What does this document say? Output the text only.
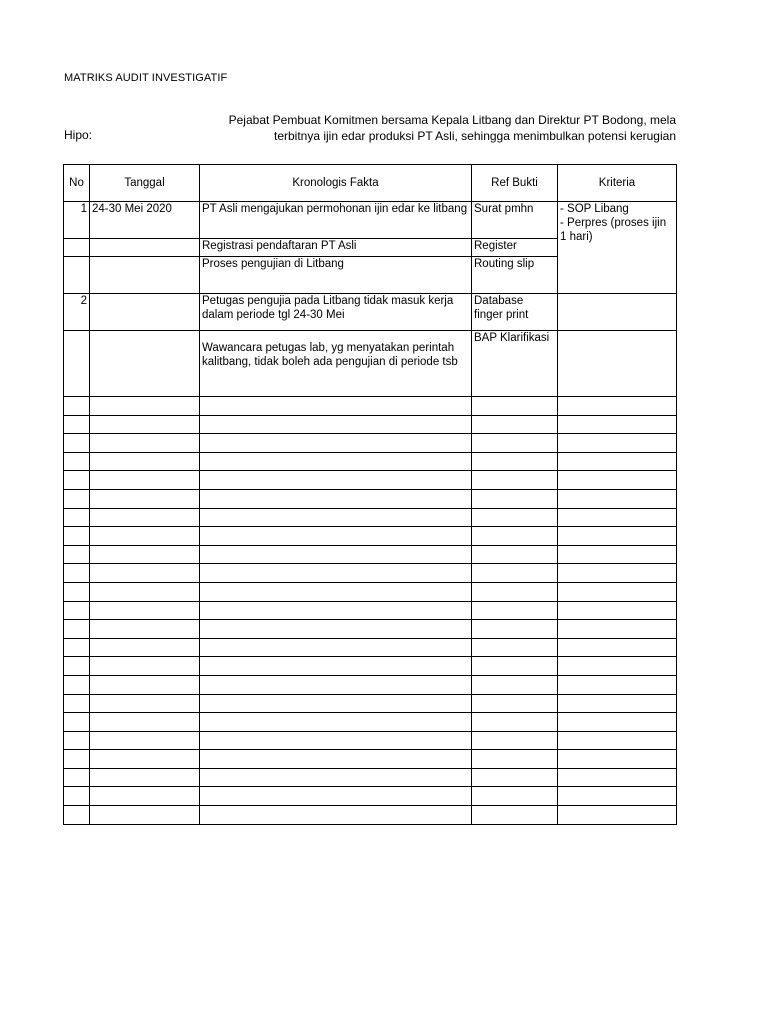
MATRIKS AUDIT INVESTIGATIF
Hipo:
Pejabat Pembuat Komitmen bersama Kepala Litbang dan Direktur PT Bodong, mela
terbitnya ijin edar produksi PT Asli, sehingga menimbulkan potensi kerugian
No	Tanggal	Kronologis Fakta	Ref Bukti	Kriteria
1	24-30 Mei 2020	PT Asli mengajukan permohonan ijin edar ke litbang	Surat pmhn	- SOP Libang
- Perpres (proses ijin 1 hari)
		Registrasi pendaftaran PT Asli	Register	
		Proses pengujian di Litbang	Routing slip	
2		Petugas pengujia pada Litbang tidak masuk kerja dalam periode tgl 24-30 Mei	Database finger print	
		Wawancara petugas lab, yg menyatakan perintah kalitbang, tidak boleh ada pengujian di periode tsb	BAP Klarifikasi	
